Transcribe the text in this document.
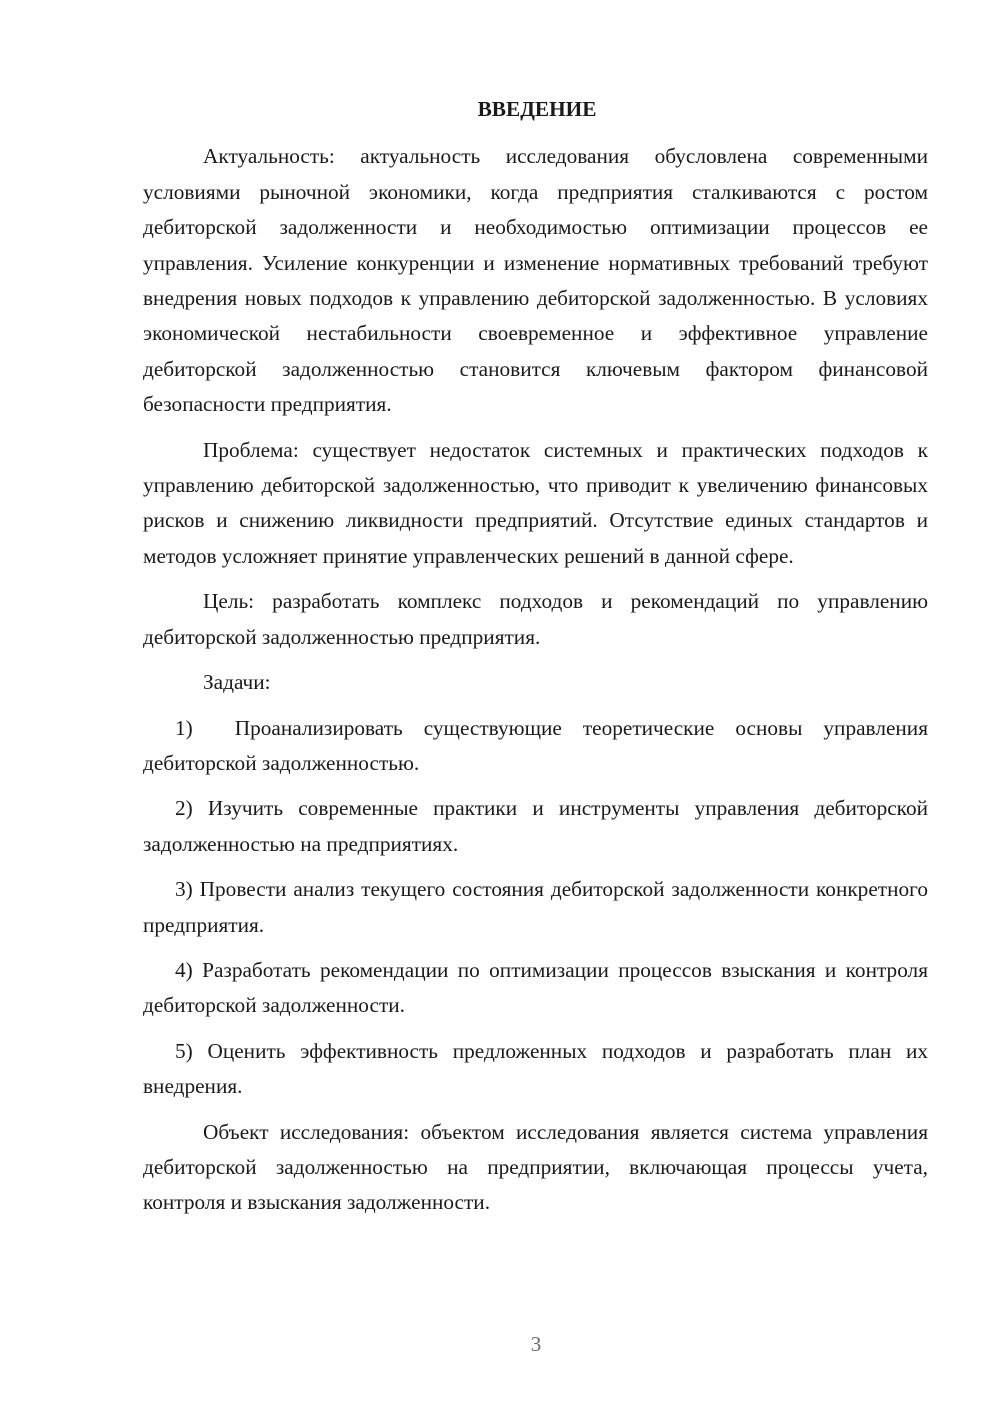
ВВЕДЕНИЕ

Актуальность: актуальность исследования обусловлена современными условиями рыночной экономики, когда предприятия сталкиваются с ростом дебиторской задолженности и необходимостью оптимизации процессов ее управления. Усиление конкуренции и изменение нормативных требований требуют внедрения новых подходов к управлению дебиторской задолженностью. В условиях экономической нестабильности своевременное и эффективное управление дебиторской задолженностью становится ключевым фактором финансовой безопасности предприятия.

Проблема: существует недостаток системных и практических подходов к управлению дебиторской задолженностью, что приводит к увеличению финансовых рисков и снижению ликвидности предприятий. Отсутствие единых стандартов и методов усложняет принятие управленческих решений в данной сфере.

Цель: разработать комплекс подходов и рекомендаций по управлению дебиторской задолженностью предприятия.

Задачи:

1)  Проанализировать существующие теоретические основы управления дебиторской задолженностью.

2) Изучить современные практики и инструменты управления дебиторской задолженностью на предприятиях.

3) Провести анализ текущего состояния дебиторской задолженности конкретного предприятия.

4) Разработать рекомендации по оптимизации процессов взыскания и контроля дебиторской задолженности.

5) Оценить эффективность предложенных подходов и разработать план их внедрения.

Объект исследования: объектом исследования является система управления дебиторской задолженностью на предприятии, включающая процессы учета, контроля и взыскания задолженности.

3
